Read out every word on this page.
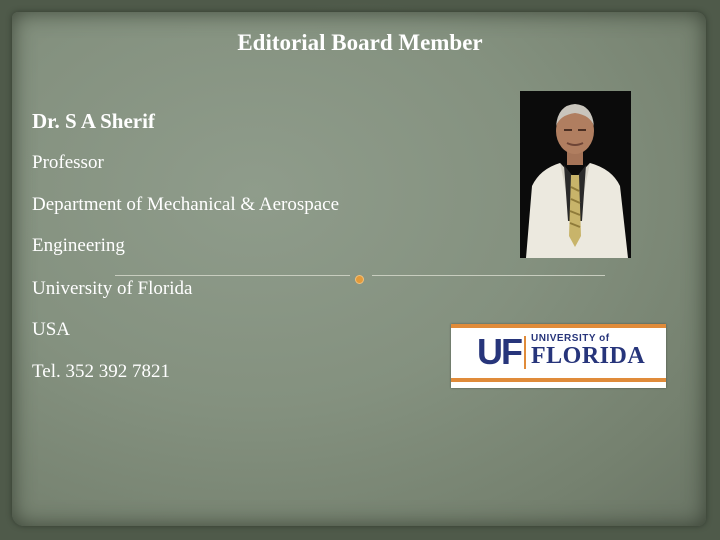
Editorial Board Member
Dr. S A Sherif
Professor
Department of Mechanical & Aerospace
Engineering
University of Florida
USA
Tel. 352 392 7821	UF UNIVERSITY of
FLORIDA
